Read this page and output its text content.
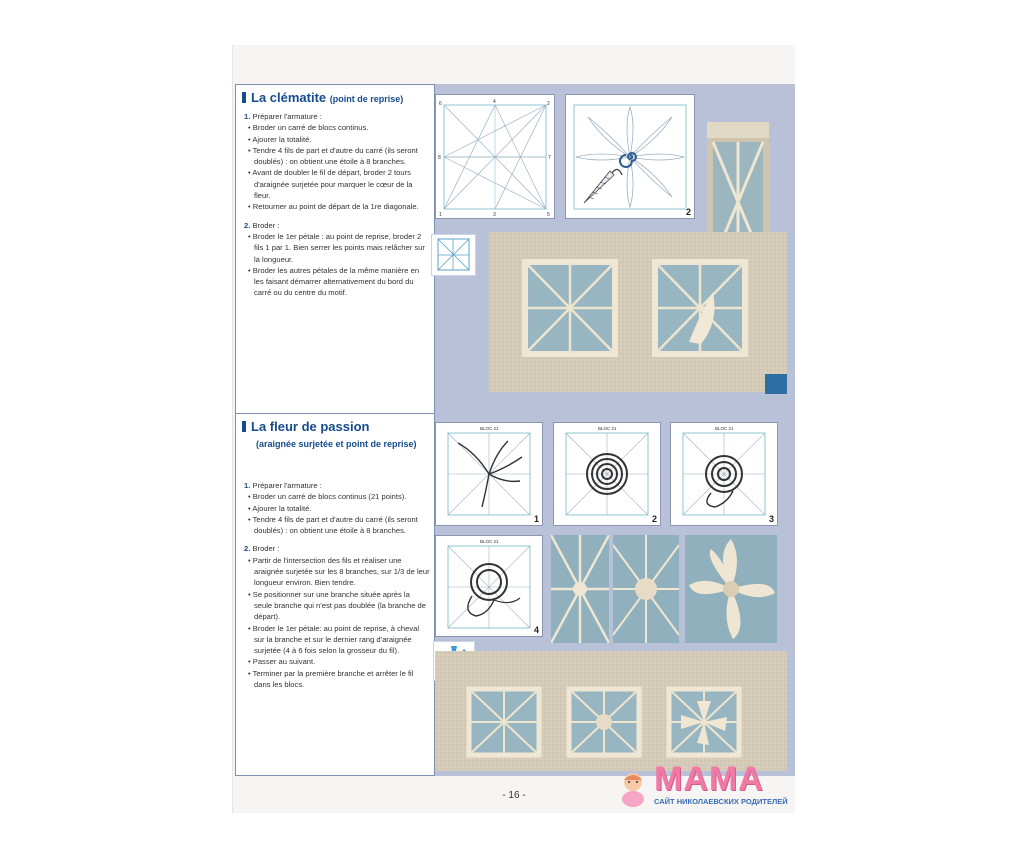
La clématite (point de reprise)
1. Préparer l'armature :
• Broder un carré de blocs continus.
• Ajourer la totalité.
• Tendre 4 fils de part et d'autre du carré (ils seront doublés) : on obtient une étoile à 8 branches.
• Avant de doubler le fil de départ, broder 2 tours d'araignée surjetée pour marquer le cœur de la fleur.
• Retourner au point de départ de la 1re diagonale.
2. Broder :
• Broder le 1er pétale : au point de reprise, broder 2 fils 1 par 1. Bien serrer les points mais relâcher sur la longueur.
• Broder les autres pétales de la même manière en les faisant démarrer alternativement du bord du carré ou du centre du motif.
6	4	2
8	7
1	3	5	2
La fleur de passion
(araignée surjetée et point de reprise)
1. Préparer l'armature :
• Broder un carré de blocs continus (21 points).
• Ajourer la totalité.
• Tendre 4 fils de part et d'autre du carré (ils seront doublés) : on obtient une étoile à 8 branches.
2. Broder :
• Partir de l'intersection des fils et réaliser une araignée surjetée sur les 8 branches, sur 1/3 de leur longueur environ. Bien tendre.
• Se positionner sur une branche située après la seule branche qui n'est pas doublée (la branche de départ).
• Broder le 1er pétale: au point de reprise, à cheval sur la branche et sur le dernier rang d'araignée surjetée (4 à 6 fois selon la grosseur du fil).
• Passer au suivant.
• Terminer par la première branche et arrêter le fil dans les blocs.
BLOC 21
1
BLOC 21
2
BLOC 21
3
BLOC 21
4
- 16 -	MAMA
САЙТ НИКОЛАЕВСКИХ РОДИТЕЛЕЙ
